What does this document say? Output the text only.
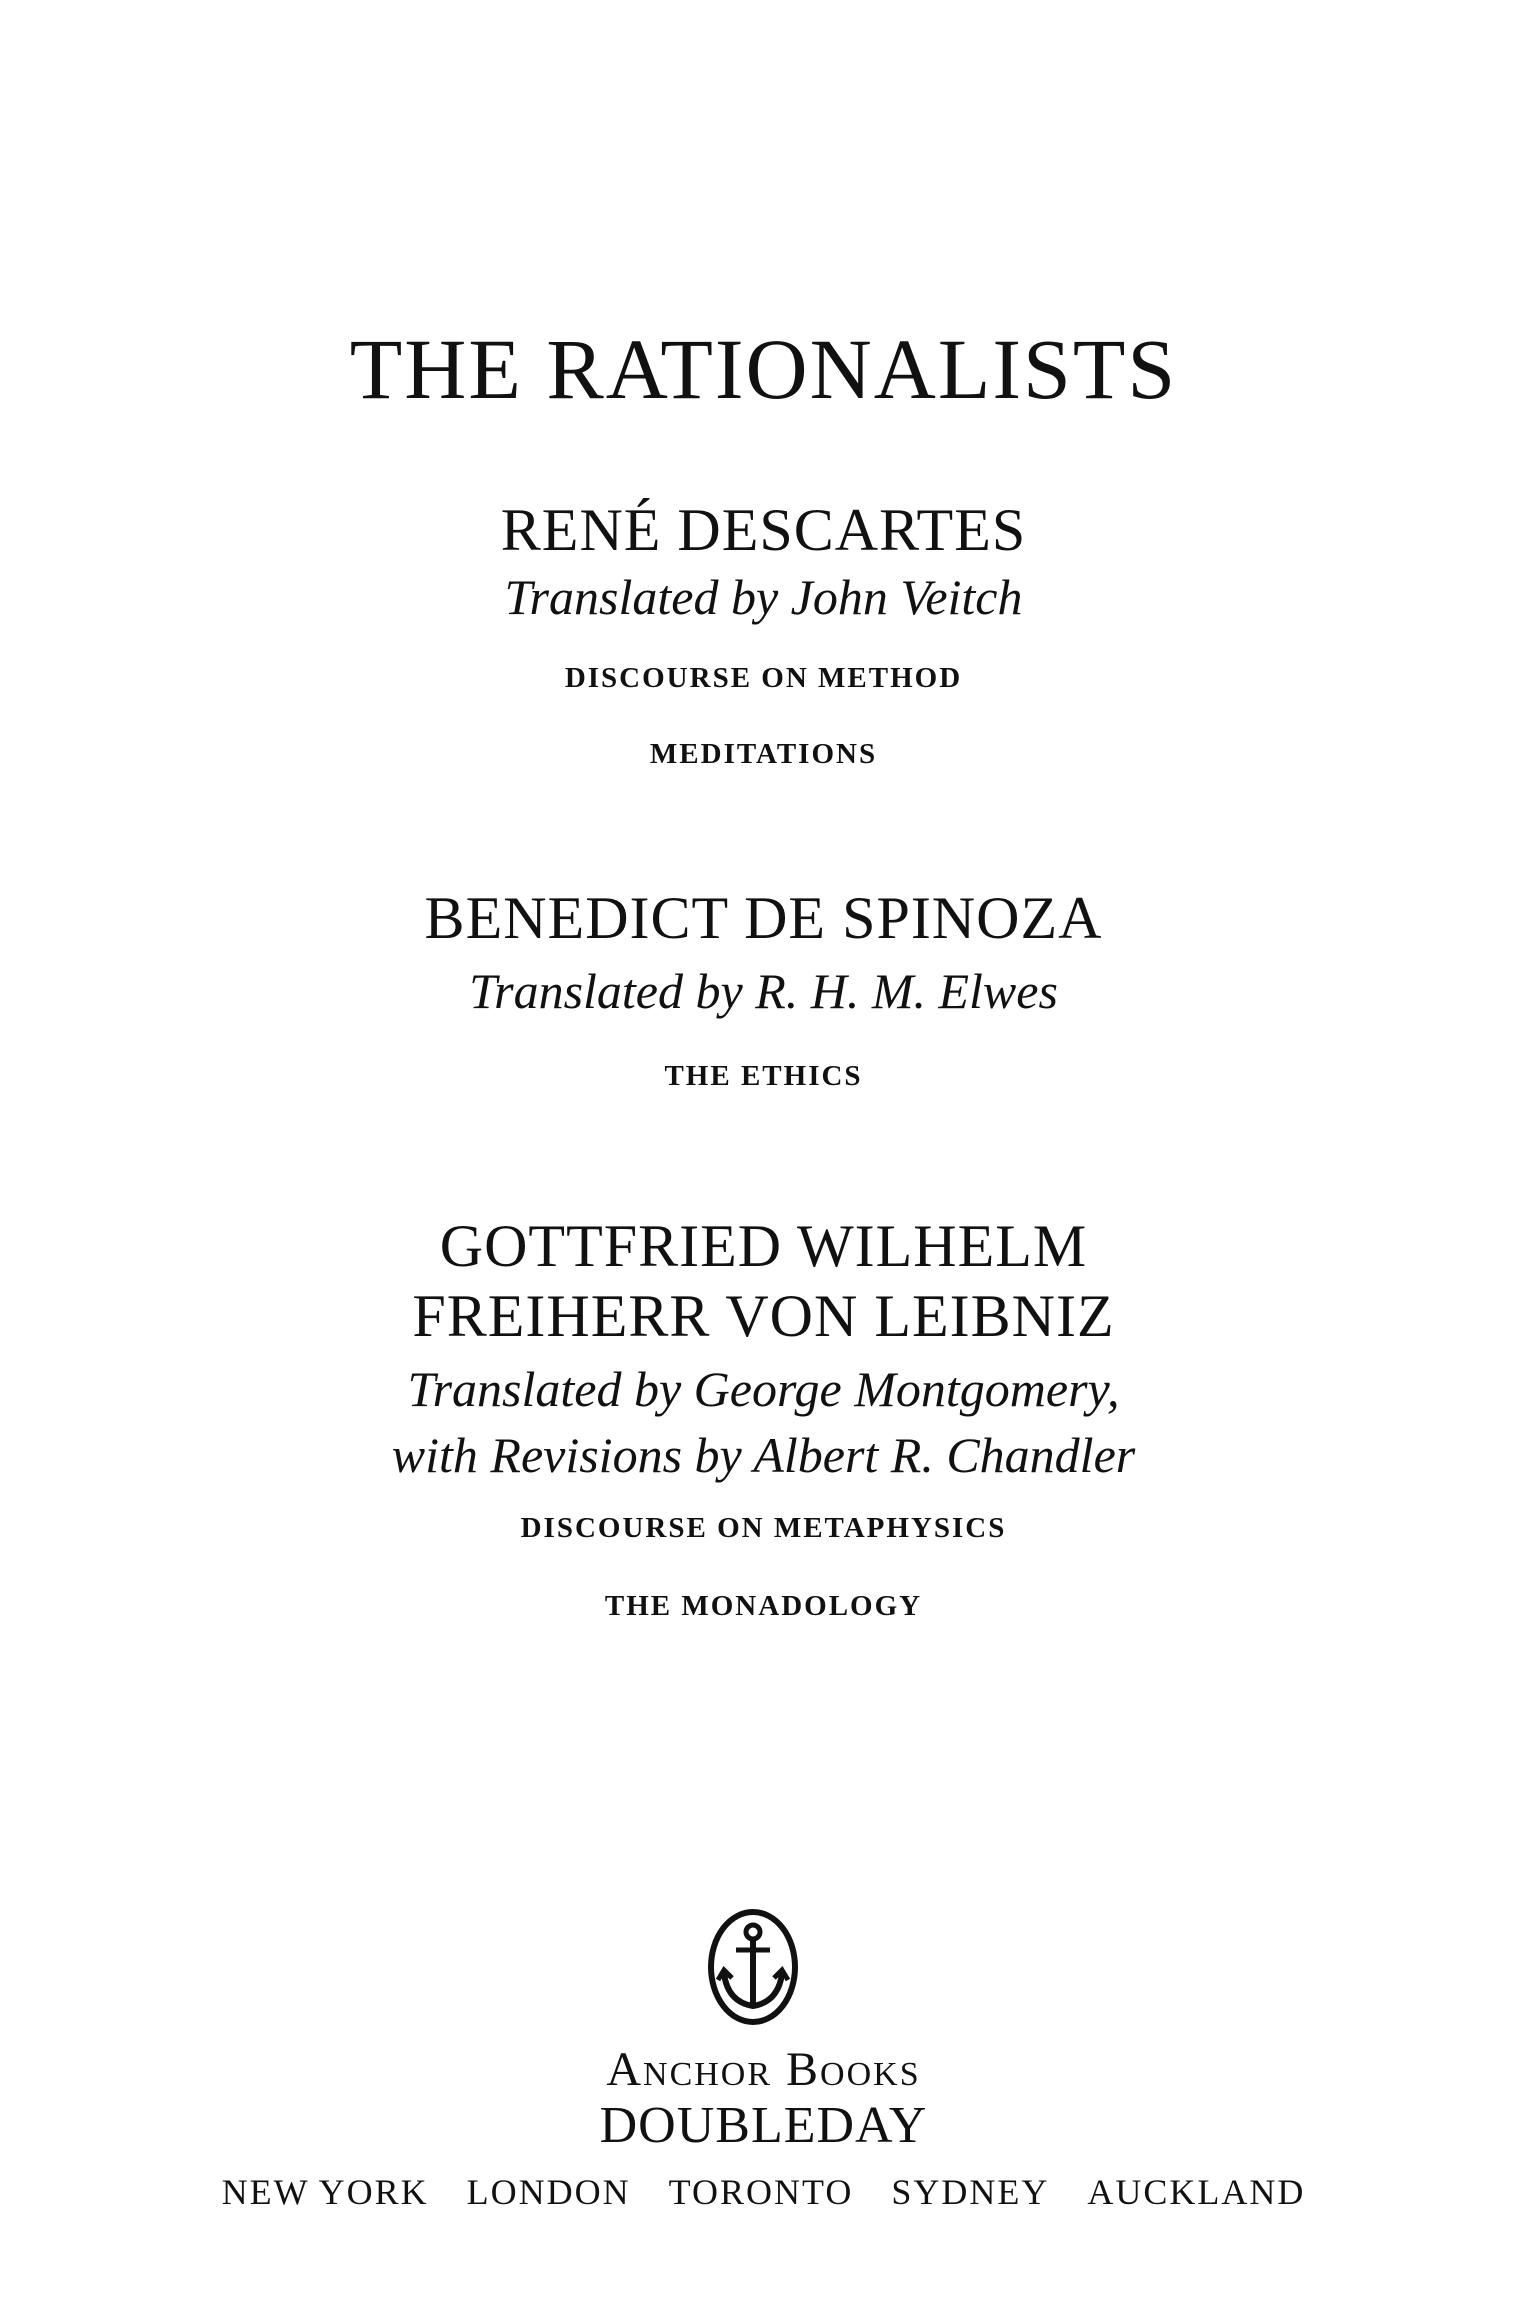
THE RATIONALISTS
RENÉ DESCARTES
Translated by John Veitch
DISCOURSE ON METHOD
MEDITATIONS
BENEDICT DE SPINOZA
Translated by R. H. M. Elwes
THE ETHICS
GOTTFRIED WILHELM
FREIHERR VON LEIBNIZ
Translated by George Montgomery,
with Revisions by Albert R. Chandler
DISCOURSE ON METAPHYSICS
THE MONADOLOGY
Anchor Books
DOUBLEDAY
NEW YORK LONDON TORONTO SYDNEY AUCKLAND
